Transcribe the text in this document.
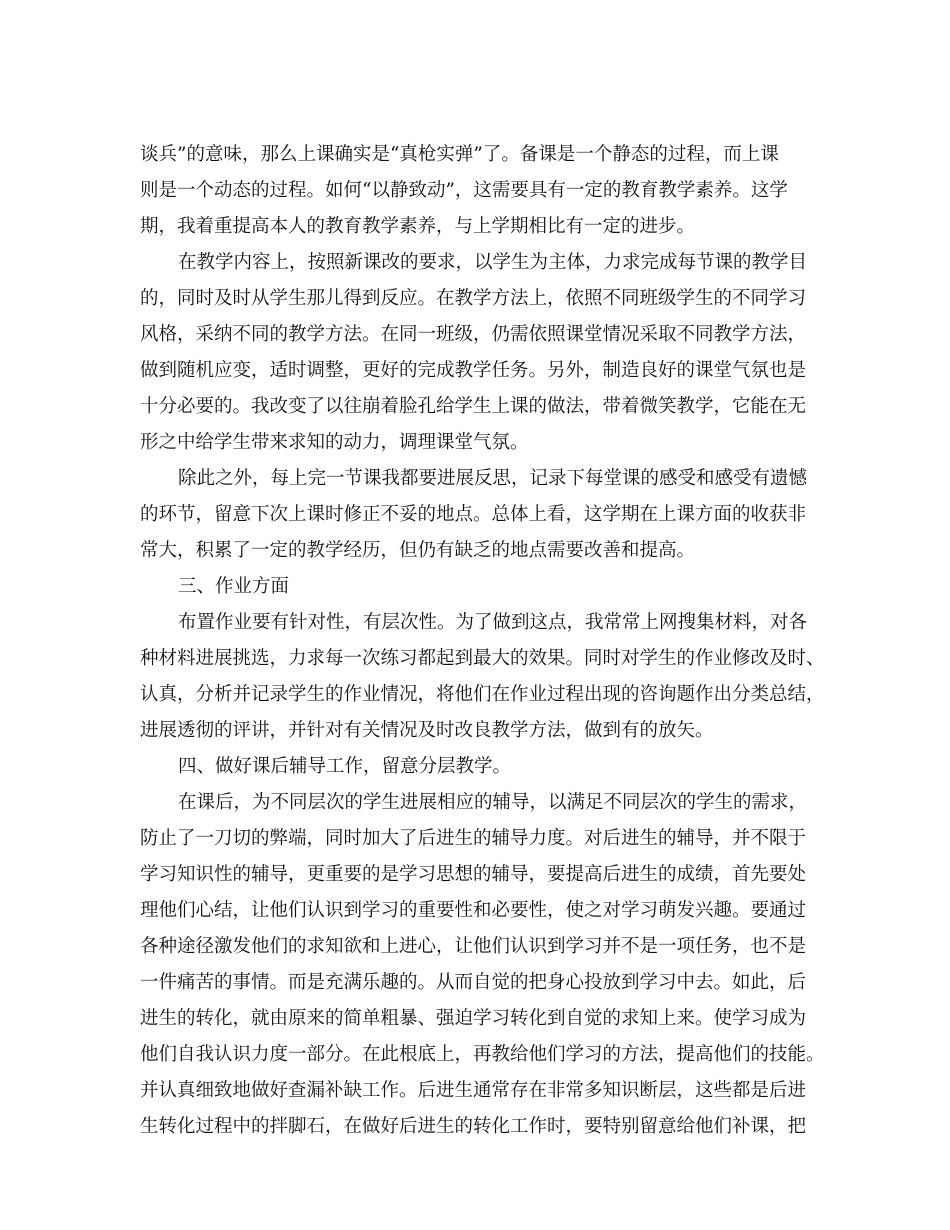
谈兵”的意味，那么上课确实是“真枪实弹”了。备课是一个静态的过程，而上课
则是一个动态的过程。如何“以静致动”，这需要具有一定的教育教学素养。这学
期，我着重提高本人的教育教学素养，与上学期相比有一定的进步。
在教学内容上，按照新课改的要求，以学生为主体，力求完成每节课的教学目
的，同时及时从学生那儿得到反应。在教学方法上，依照不同班级学生的不同学习
风格，采纳不同的教学方法。在同一班级，仍需依照课堂情况采取不同教学方法，
做到随机应变，适时调整，更好的完成教学任务。另外，制造良好的课堂气氛也是
十分必要的。我改变了以往崩着脸孔给学生上课的做法，带着微笑教学，它能在无
形之中给学生带来求知的动力，调理课堂气氛。
除此之外，每上完一节课我都要进展反思，记录下每堂课的感受和感受有遗憾
的环节，留意下次上课时修正不妥的地点。总体上看，这学期在上课方面的收获非
常大，积累了一定的教学经历，但仍有缺乏的地点需要改善和提高。
三、作业方面
布置作业要有针对性，有层次性。为了做到这点，我常常上网搜集材料，对各
种材料进展挑选，力求每一次练习都起到最大的效果。同时对学生的作业修改及时、
认真，分析并记录学生的作业情况，将他们在作业过程出现的咨询题作出分类总结，
进展透彻的评讲，并针对有关情况及时改良教学方法，做到有的放矢。
四、做好课后辅导工作，留意分层教学。
在课后，为不同层次的学生进展相应的辅导，以满足不同层次的学生的需求，
防止了一刀切的弊端，同时加大了后进生的辅导力度。对后进生的辅导，并不限于
学习知识性的辅导，更重要的是学习思想的辅导，要提高后进生的成绩，首先要处
理他们心结，让他们认识到学习的重要性和必要性，使之对学习萌发兴趣。要通过
各种途径激发他们的求知欲和上进心，让他们认识到学习并不是一项任务，也不是
一件痛苦的事情。而是充满乐趣的。从而自觉的把身心投放到学习中去。如此，后
进生的转化，就由原来的简单粗暴、强迫学习转化到自觉的求知上来。使学习成为
他们自我认识力度一部分。在此根底上，再教给他们学习的方法，提高他们的技能。
并认真细致地做好查漏补缺工作。后进生通常存在非常多知识断层，这些都是后进
生转化过程中的拌脚石，在做好后进生的转化工作时，要特别留意给他们补课，把
